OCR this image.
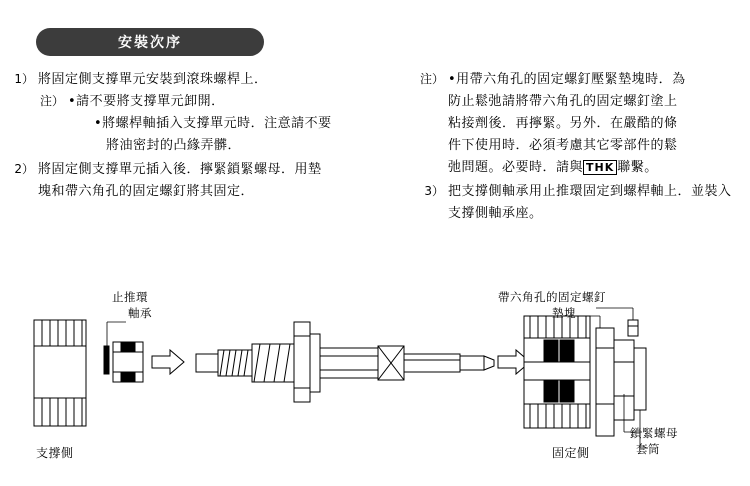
安裝次序
1） 將固定側支撐單元安裝到滾珠螺桿上．
注） •請不要將支撐單元卸開．
•將螺桿軸插入支撐單元時．注意請不要
將油密封的凸緣弄髒．
2） 將固定側支撐單元插入後．擰緊鎖緊螺母．用墊
塊和帶六角孔的固定螺釘將其固定．
注） •用帶六角孔的固定螺釘壓緊墊塊時．為
防止鬆弛請將帶六角孔的固定螺釘塗上
粘接劑後．再擰緊。另外．在嚴酷的條
件下使用時．必須考慮其它零部件的鬆
弛問題。必要時．請與 THK 聯繫。
3） 把支撐側軸承用止推環固定到螺桿軸上．並裝入
支撐側軸承座。
止推環
軸承
帶六角孔的固定螺釘
墊塊
鎖緊螺母
套筒
支撐側	固定側
